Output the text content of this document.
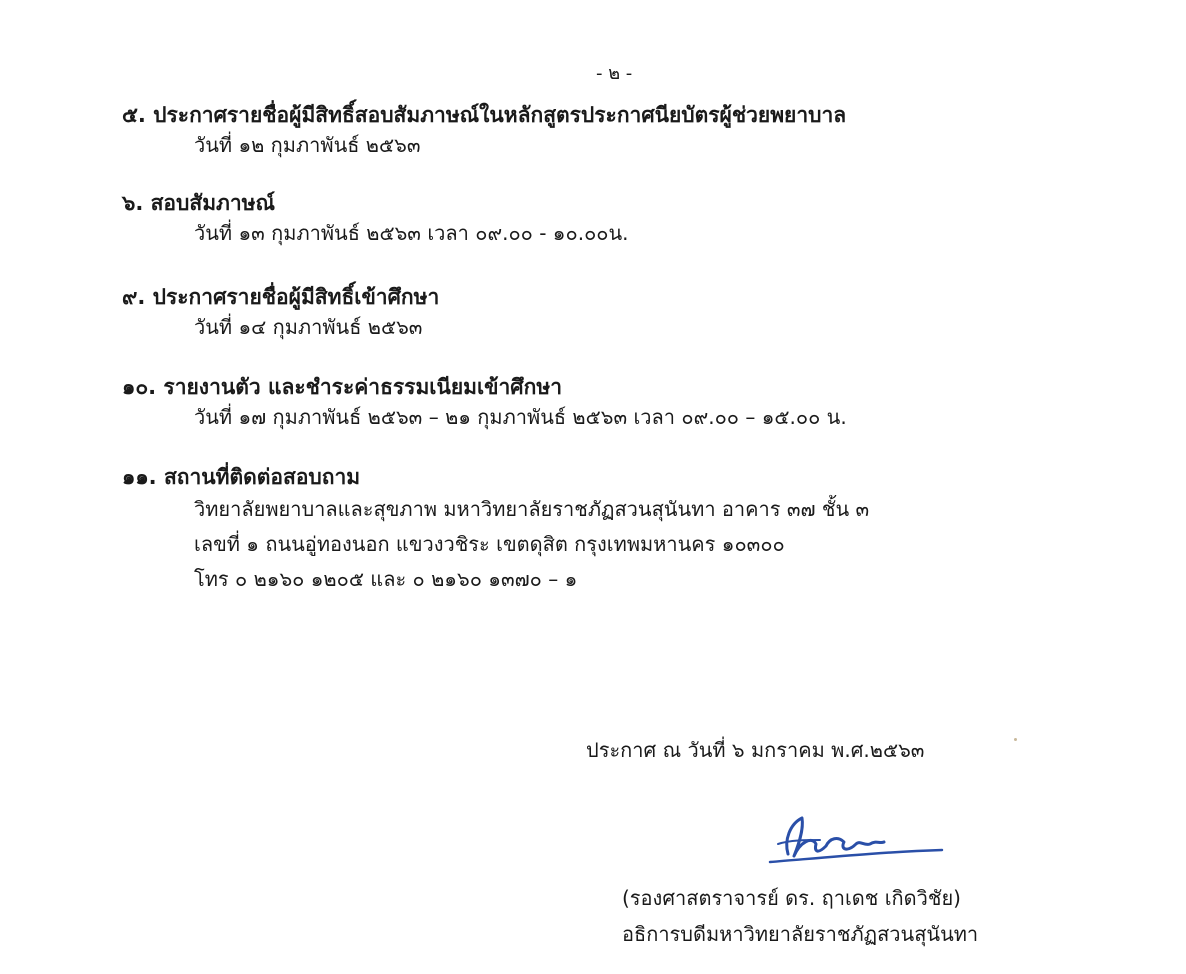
- ๒ -
๕. ประกาศรายชื่อผู้มีสิทธิ์สอบสัมภาษณ์ในหลักสูตรประกาศนียบัตรผู้ช่วยพยาบาล
วันที่ ๑๒ กุมภาพันธ์ ๒๕๖๓
๖. สอบสัมภาษณ์
วันที่ ๑๓ กุมภาพันธ์ ๒๕๖๓ เวลา ๐๙.๐๐ - ๑๐.๐๐น.
๙. ประกาศรายชื่อผู้มีสิทธิ์เข้าศึกษา
วันที่ ๑๔ กุมภาพันธ์ ๒๕๖๓
๑๐. รายงานตัว และชำระค่าธรรมเนียมเข้าศึกษา
วันที่ ๑๗ กุมภาพันธ์ ๒๕๖๓ – ๒๑ กุมภาพันธ์ ๒๕๖๓ เวลา ๐๙.๐๐ – ๑๕.๐๐ น.
๑๑. สถานที่ติดต่อสอบถาม
วิทยาลัยพยาบาลและสุขภาพ มหาวิทยาลัยราชภัฏสวนสุนันทา อาคาร ๓๗ ชั้น ๓
เลขที่ ๑ ถนนอู่ทองนอก แขวงวชิระ เขตดุสิต กรุงเทพมหานคร ๑๐๓๐๐
โทร ๐ ๒๑๖๐ ๑๒๐๕ และ ๐ ๒๑๖๐ ๑๓๗๐ – ๑
ประกาศ ณ วันที่ ๖ มกราคม พ.ศ.๒๕๖๓
(รองศาสตราจารย์ ดร. ฤาเดช เกิดวิชัย)
อธิการบดีมหาวิทยาลัยราชภัฏสวนสุนันทา
